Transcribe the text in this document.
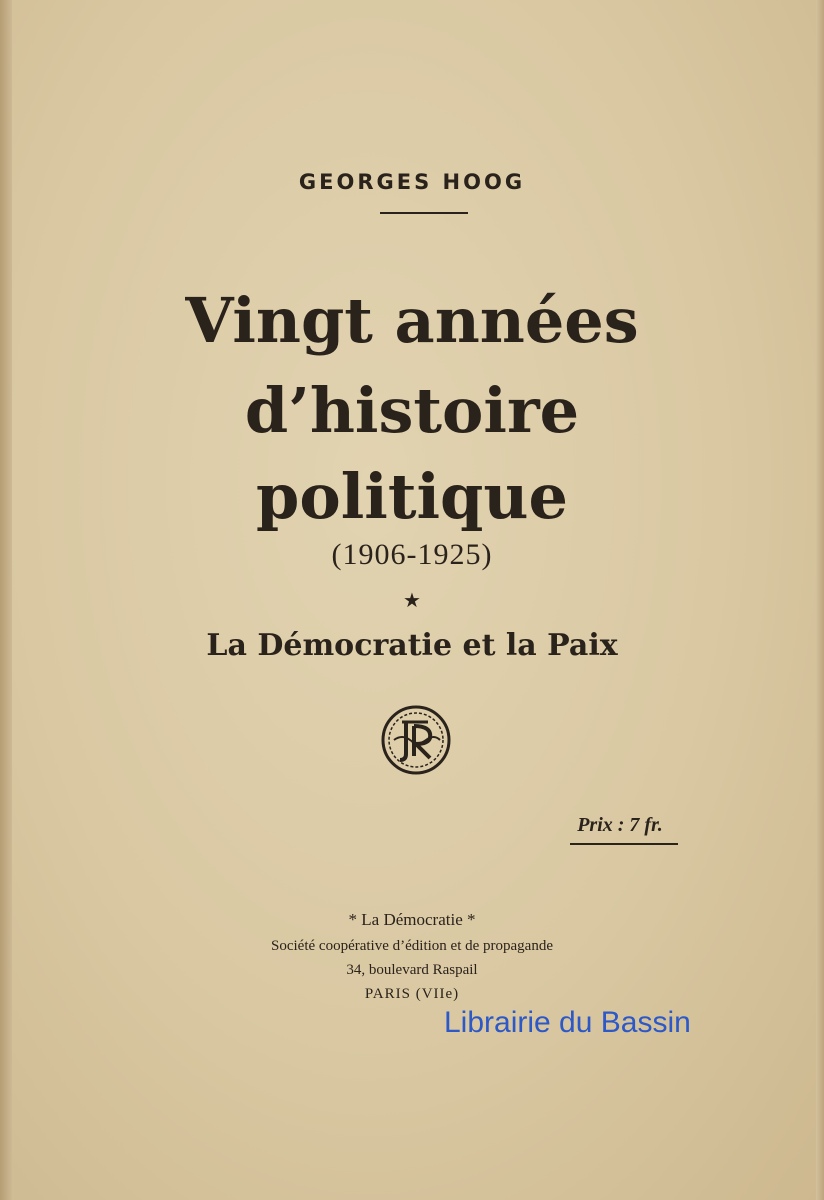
GEORGES HOOG
Vingt années
d’histoire
politique
(1906-1925)
★
La Démocratie et la Paix
Prix : 7 fr.
* La Démocratie *
Société coopérative d’édition et de propagande
34, boulevard Raspail
PARIS (VIIe)
Librairie du Bassin
